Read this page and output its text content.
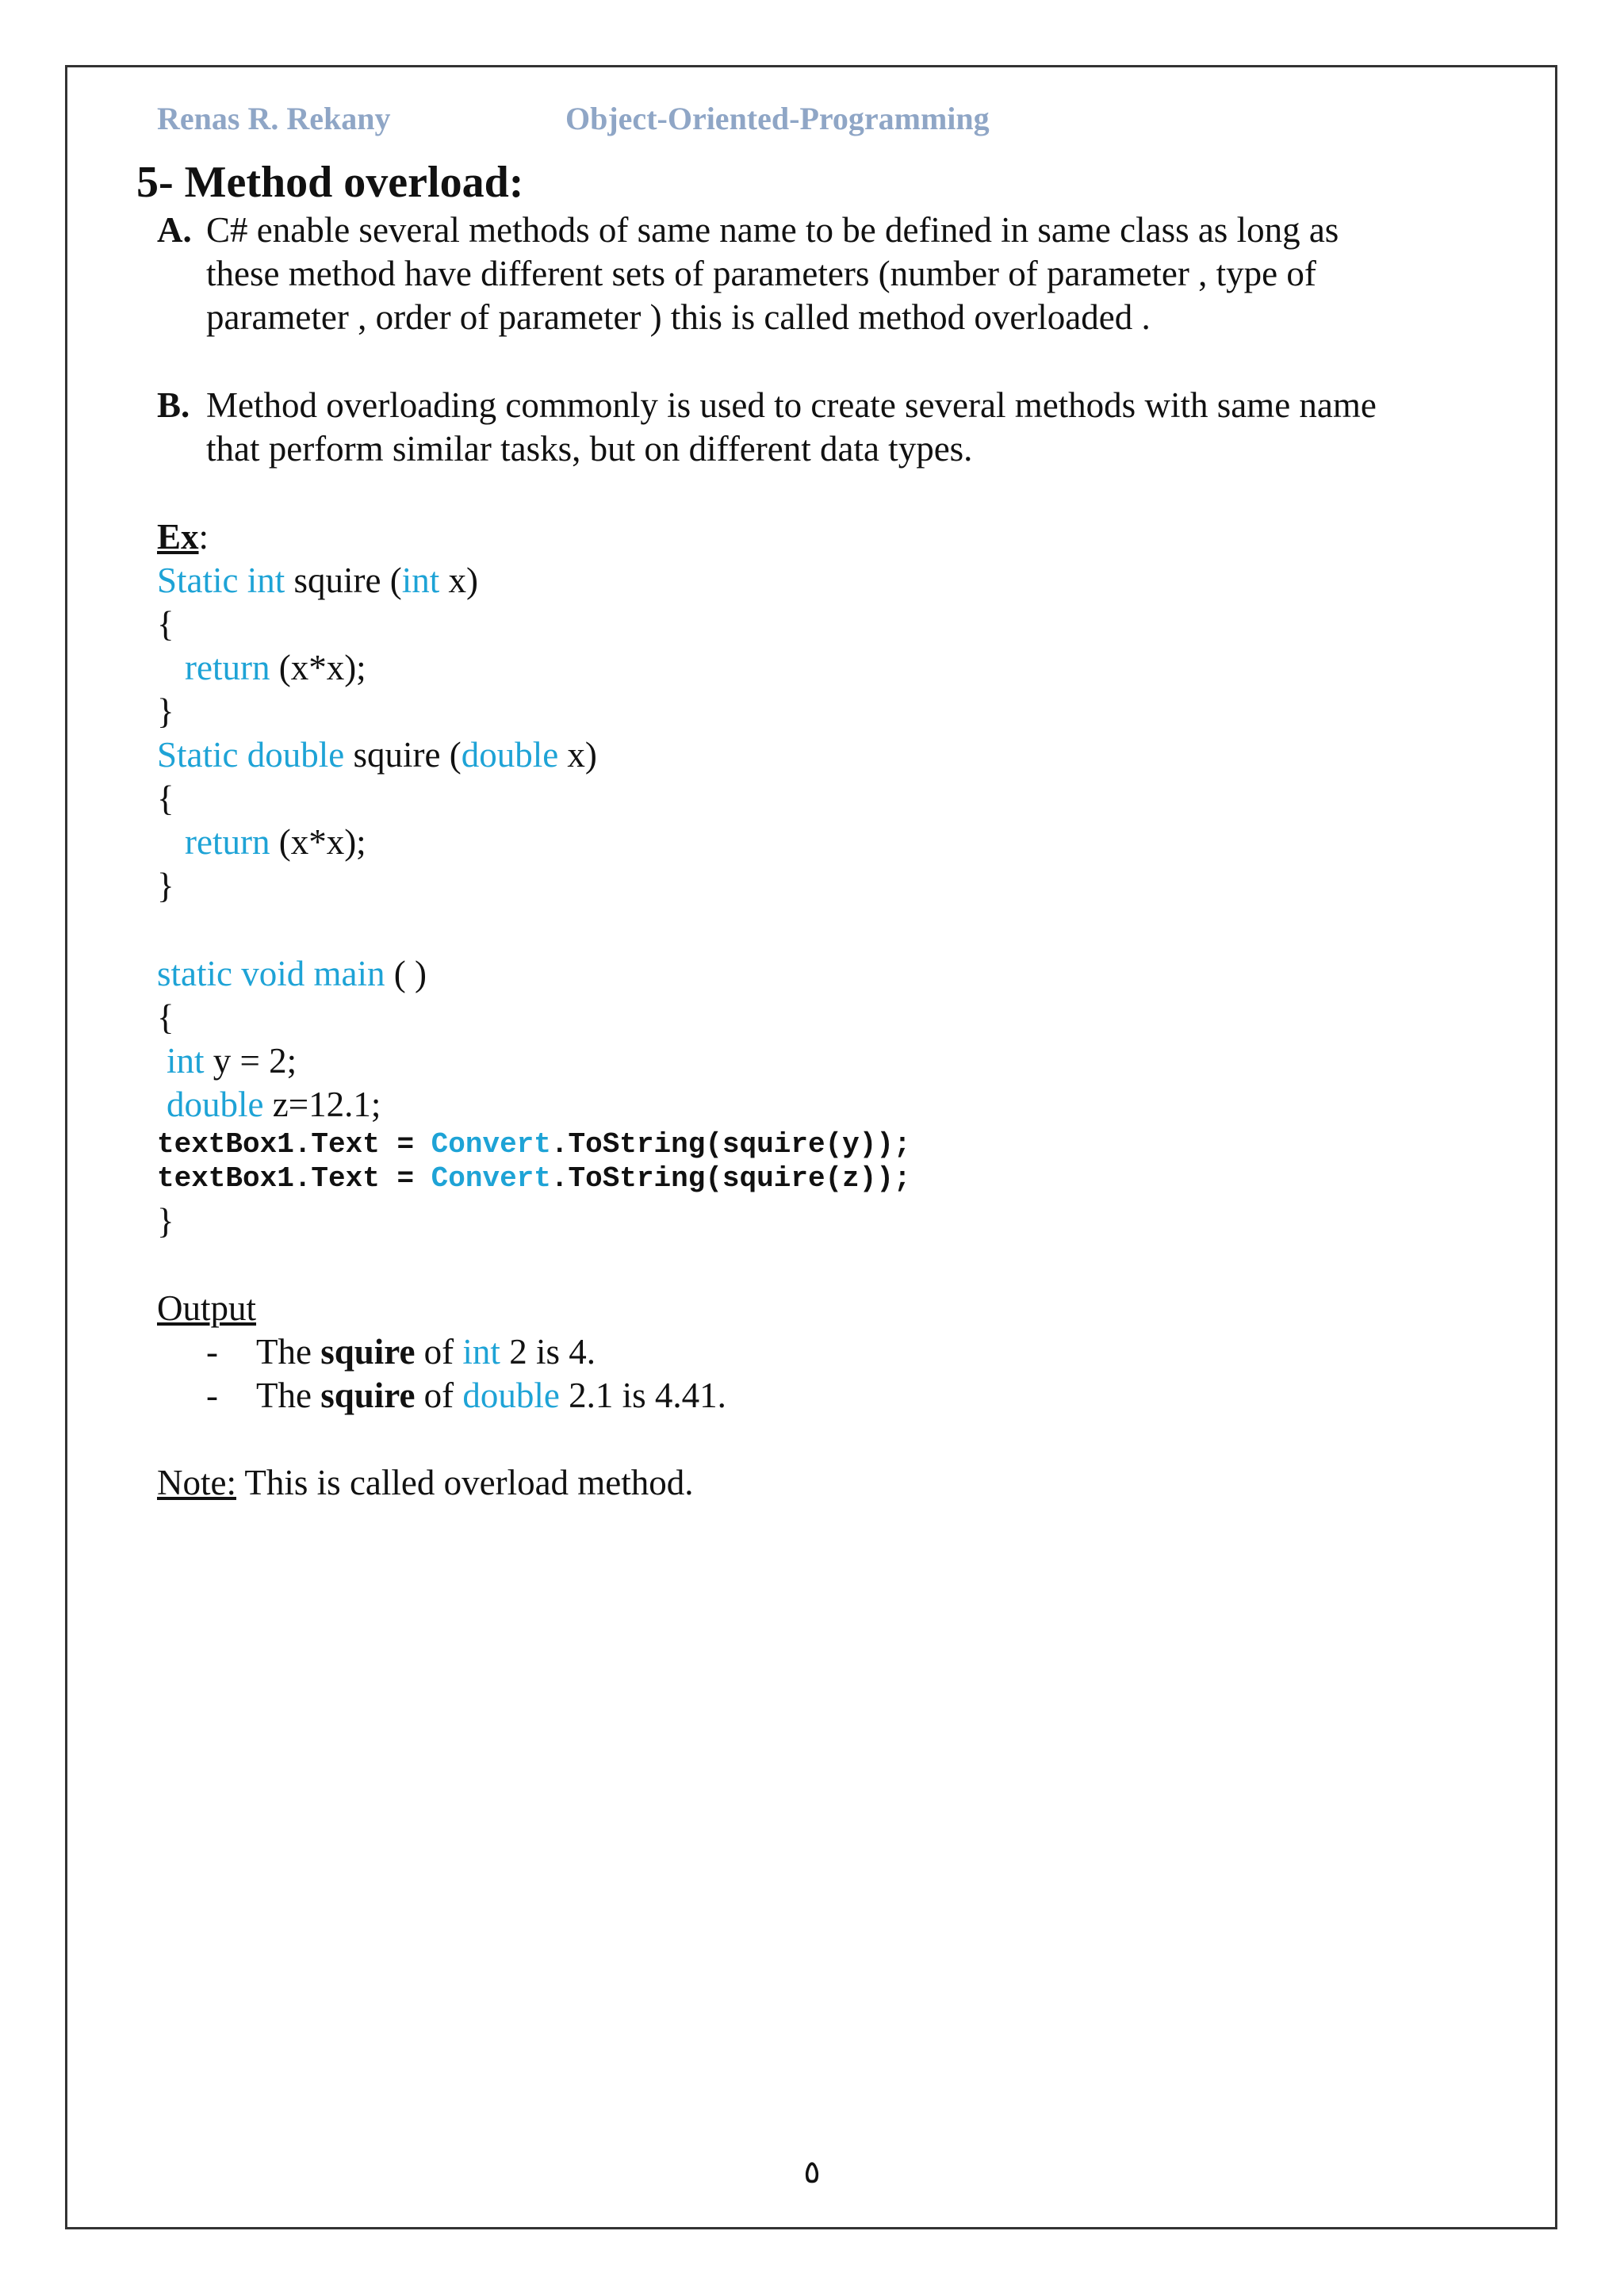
Renas R. Rekany	Object-Oriented-Programming
5- Method overload:
A. C# enable several methods of same name to be defined in same class as long as
these method have different sets of parameters (number of parameter , type of
parameter , order of parameter ) this is called method overloaded .
B. Method overloading commonly is used to create several methods with same name
that perform similar tasks, but on different data types.
Ex:
Static int squire (int x)
{
return (x*x);
}
Static double squire (double x)
{
return (x*x);
}
static void main ( )
{
int y = 2;
double z=12.1;
textBox1.Text = Convert.ToString(squire(y));
textBox1.Text = Convert.ToString(squire(z));
}
Output
- The squire of int 2 is 4.
- The squire of double 2.1 is 4.41.
Note: This is called overload method.
٥
